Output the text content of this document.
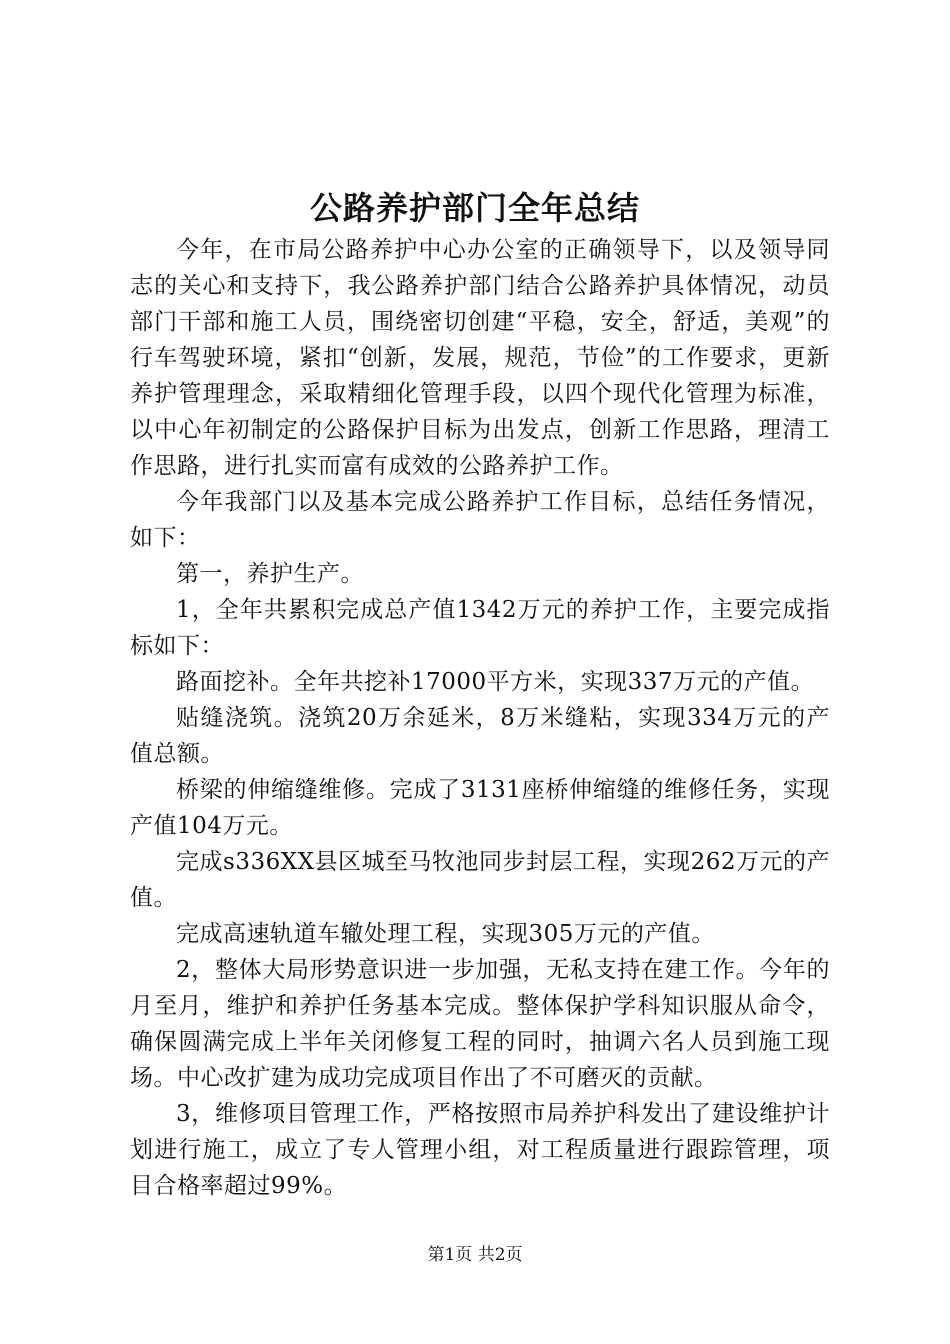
公路养护部门全年总结

今年，在市局公路养护中心办公室的正确领导下，以及领导同志的关心和支持下，我公路养护部门结合公路养护具体情况，动员部门干部和施工人员，围绕密切创建“平稳，安全，舒适，美观”的行车驾驶环境，紧扣“创新，发展，规范，节俭”的工作要求，更新养护管理理念，采取精细化管理手段，以四个现代化管理为标准，以中心年初制定的公路保护目标为出发点，创新工作思路，理清工作思路，进行扎实而富有成效的公路养护工作。

今年我部门以及基本完成公路养护工作目标，总结任务情况，如下：

第一，养护生产。

1，全年共累积完成总产值1342万元的养护工作，主要完成指标如下：

路面挖补。全年共挖补17000平方米，实现337万元的产值。

贴缝浇筑。浇筑20万余延米，8万米缝粘，实现334万元的产值总额。

桥梁的伸缩缝维修。完成了3131座桥伸缩缝的维修任务，实现产值104万元。

完成s336XX县区城至马牧池同步封层工程，实现262万元的产值。

完成高速轨道车辙处理工程，实现305万元的产值。

2，整体大局形势意识进一步加强，无私支持在建工作。今年的月至月，维护和养护任务基本完成。整体保护学科知识服从命令，确保圆满完成上半年关闭修复工程的同时，抽调六名人员到施工现场。中心改扩建为成功完成项目作出了不可磨灭的贡献。

3，维修项目管理工作，严格按照市局养护科发出了建设维护计划进行施工，成立了专人管理小组，对工程质量进行跟踪管理，项目合格率超过99%。

第1页 共2页
